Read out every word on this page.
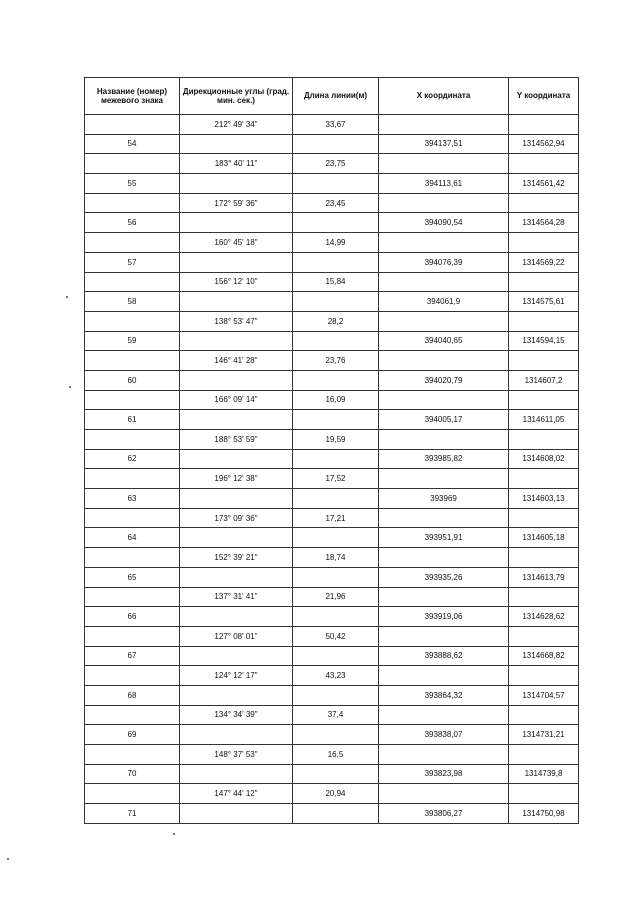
Название (номер) межевого знака	Дирекционные углы (град. мин. сек.)	Длина линии(м)	X координата	Y координата
	212° 49' 34"	33,67		
54			394137,51	1314562,94
	183° 40' 11"	23,75		
55			394113,61	1314561,42
	172° 59' 36"	23,45		
56			394090,54	1314564,28
	160° 45' 18"	14,99		
57			394076,39	1314569,22
	156° 12' 10"	15,84		
58			394061,9	1314575,61
	138° 53' 47"	28,2		
59			394040,65	1314594,15
	146° 41' 28"	23,76		
60			394020,79	1314607,2
	166° 09' 14"	16,09		
61			394005,17	1314611,05
	188° 53' 59"	19,59		
62			393985,82	1314608,02
	196° 12' 38"	17,52		
63			393969	1314603,13
	173° 09' 36"	17,21		
64			393951,91	1314605,18
	152° 39' 21"	18,74		
65			393935,26	1314613,79
	137° 31' 41"	21,96		
66			393919,06	1314628,62
	127° 08' 01"	50,42		
67			393888,62	1314668,82
	124° 12' 17"	43,23		
68			393864,32	1314704,57
	134° 34' 39"	37,4		
69			393838,07	1314731,21
	148° 37' 53"	16,5		
70			393823,98	1314739,8
	147° 44' 12"	20,94		
71			393806,27	1314750,98
